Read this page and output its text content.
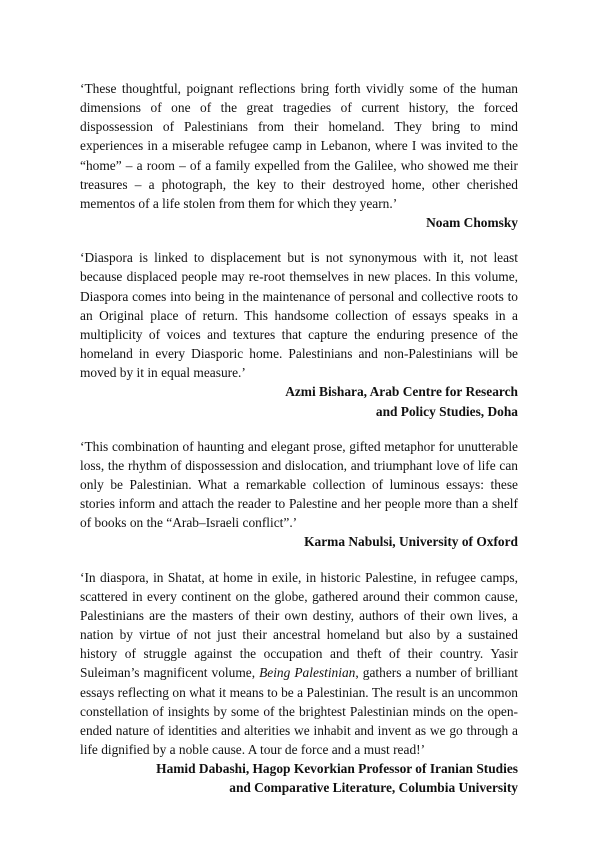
‘These thoughtful, poignant reflections bring forth vividly some of the human dimensions of one of the great tragedies of current history, the forced dispossession of Palestinians from their homeland. They bring to mind experiences in a miserable refugee camp in Lebanon, where I was invited to the “home” – a room – of a family expelled from the Galilee, who showed me their treasures – a photograph, the key to their destroyed home, other cherished mementos of a life stolen from them for which they yearn.’

Noam Chomsky

‘Diaspora is linked to displacement but is not synonymous with it, not least because displaced people may re-root themselves in new places. In this volume, Diaspora comes into being in the maintenance of personal and collective roots to an Original place of return. This handsome collection of essays speaks in a multiplicity of voices and textures that capture the enduring presence of the homeland in every Diasporic home. Palestinians and non-Palestinians will be moved by it in equal measure.’

Azmi Bishara, Arab Centre for Research
and Policy Studies, Doha

‘This combination of haunting and elegant prose, gifted metaphor for unutterable loss, the rhythm of dispossession and dislocation, and triumphant love of life can only be Palestinian. What a remarkable collection of luminous essays: these stories inform and attach the reader to Palestine and her people more than a shelf of books on the “Arab–Israeli conflict”.’

Karma Nabulsi, University of Oxford

‘In diaspora, in Shatat, at home in exile, in historic Palestine, in refugee camps, scattered in every continent on the globe, gathered around their common cause, Palestinians are the masters of their own destiny, authors of their own lives, a nation by virtue of not just their ancestral homeland but also by a sustained history of struggle against the occupation and theft of their country. Yasir Suleiman’s magnificent volume, Being Palestinian, gathers a number of brilliant essays reflecting on what it means to be a Palestinian. The result is an uncommon constellation of insights by some of the brightest Palestinian minds on the open-ended nature of identities and alterities we inhabit and invent as we go through a life dignified by a noble cause. A tour de force and a must read!’

Hamid Dabashi, Hagop Kevorkian Professor of Iranian Studies
and Comparative Literature, Columbia University
